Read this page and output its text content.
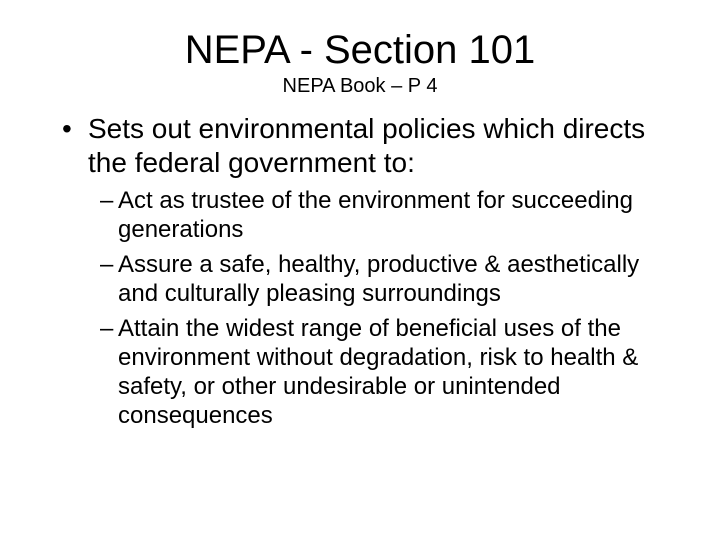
NEPA - Section 101
NEPA Book – P 4
• Sets out environmental policies which directs the federal government to:
– Act as trustee of the environment for succeeding generations
– Assure a safe, healthy, productive & aesthetically and culturally pleasing surroundings
– Attain the widest range of beneficial uses of the environment without degradation, risk to health & safety, or other undesirable or unintended consequences
